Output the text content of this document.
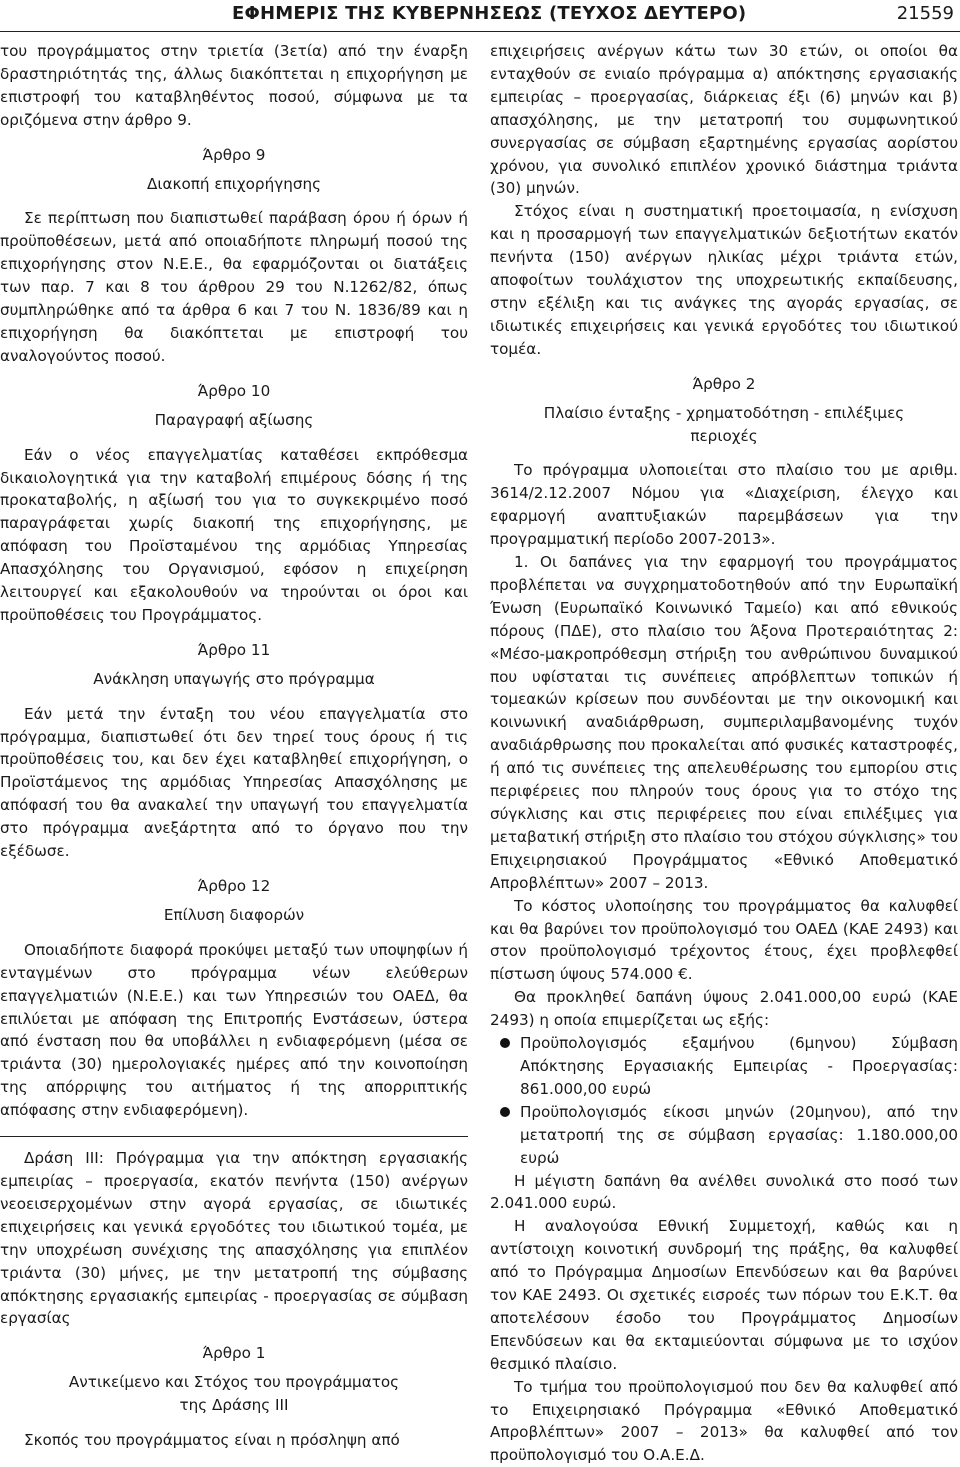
ΕΦΗΜΕΡΙΣ ΤΗΣ ΚΥΒΕΡΝΗΣΕΩΣ (ΤΕΥΧΟΣ ΔΕΥΤΕΡΟ)	21559

του προγράμματος στην τριετία (3ετία) από την έναρξη δραστηριότητάς της, άλλως διακόπτεται η επιχορήγηση με επιστροφή του καταβληθέντος ποσού, σύμφωνα με τα οριζόμενα στην άρθρο 9.

Άρθρο 9

Διακοπή επιχορήγησης

Σε περίπτωση που διαπιστωθεί παράβαση όρου ή όρων ή προϋποθέσεων, μετά από οποιαδήποτε πληρωμή ποσού της επιχορήγησης στον Ν.Ε.Ε., θα εφαρμόζονται οι διατάξεις των παρ. 7 και 8 του άρθρου 29 του Ν.1262/82, όπως συμπληρώθηκε από τα άρθρα 6 και 7 του Ν. 1836/89 και η επιχορήγηση θα διακόπτεται με επιστροφή του αναλογούντος ποσού.

Άρθρο 10

Παραγραφή αξίωσης

Εάν ο νέος επαγγελματίας καταθέσει εκπρόθεσμα δικαιολογητικά για την καταβολή επιμέρους δόσης ή της προκαταβολής, η αξίωσή του για το συγκεκριμένο ποσό παραγράφεται χωρίς διακοπή της επιχορήγησης, με απόφαση του Προϊσταμένου της αρμόδιας Υπηρεσίας Απασχόλησης του Οργανισμού, εφόσον η επιχείρηση λειτουργεί και εξακολουθούν να τηρούνται οι όροι και προϋποθέσεις του Προγράμματος.

Άρθρο 11

Ανάκληση υπαγωγής στο πρόγραμμα

Εάν μετά την ένταξη του νέου επαγγελματία στο πρόγραμμα, διαπιστωθεί ότι δεν τηρεί τους όρους ή τις προϋποθέσεις του, και δεν έχει καταβληθεί επιχορήγηση, ο Προϊστάμενος της αρμόδιας Υπηρεσίας Απασχόλησης με απόφασή του θα ανακαλεί την υπαγωγή του επαγγελματία στο πρόγραμμα ανεξάρτητα από το όργανο που την εξέδωσε.

Άρθρο 12

Επίλυση διαφορών

Οποιαδήποτε διαφορά προκύψει μεταξύ των υποψηφίων ή ενταγμένων στο πρόγραμμα νέων ελεύθερων επαγγελματιών (Ν.Ε.Ε.) και των Υπηρεσιών του ΟΑΕΔ, θα επιλύεται με απόφαση της Επιτροπής Ενστάσεων, ύστερα από ένσταση που θα υποβάλλει η ενδιαφερόμενη (μέσα σε τριάντα (30) ημερολογιακές ημέρες από την κοινοποίηση της απόρριψης του αιτήματος ή της απορριπτικής απόφασης στην ενδιαφερόμενη).

Δράση ΙΙΙ: Πρόγραμμα για την απόκτηση εργασιακής εμπειρίας – προεργασία, εκατόν πενήντα (150) ανέργων νεοεισερχομένων στην αγορά εργασίας, σε ιδιωτικές επιχειρήσεις και γενικά εργοδότες του ιδιωτικού τομέα, με την υποχρέωση συνέχισης της απασχόλησης για επιπλέον τριάντα (30) μήνες, με την μετατροπή της σύμβασης απόκτησης εργασιακής εμπειρίας - προεργασίας σε σύμβαση εργασίας

Άρθρο 1

Αντικείμενο και Στόχος του προγράμματος

της Δράσης ΙΙΙ

Σκοπός του προγράμματος είναι η πρόσληψη από

επιχειρήσεις ανέργων κάτω των 30 ετών, οι οποίοι θα ενταχθούν σε ενιαίο πρόγραμμα α) απόκτησης εργασιακής εμπειρίας – προεργασίας, διάρκειας έξι (6) μηνών και β) απασχόλησης, με την μετατροπή του συμφωνητικού συνεργασίας σε σύμβαση εξαρτημένης εργασίας αορίστου χρόνου, για συνολικό επιπλέον χρονικό διάστημα τριάντα (30) μηνών.

Στόχος είναι η συστηματική προετοιμασία, η ενίσχυση και η προσαρμογή των επαγγελματικών δεξιοτήτων εκατόν πενήντα (150) ανέργων ηλικίας μέχρι τριάντα ετών, αποφοίτων τουλάχιστον της υποχρεωτικής εκπαίδευσης, στην εξέλιξη και τις ανάγκες της αγοράς εργασίας, σε ιδιωτικές επιχειρήσεις και γενικά εργοδότες του ιδιωτικού τομέα.

Άρθρο 2

Πλαίσιο ένταξης - χρηματοδότηση - επιλέξιμες περιοχές

Το πρόγραμμα υλοποιείται στο πλαίσιο του με αριθμ. 3614/2.12.2007 Νόμου για «Διαχείριση, έλεγχο και εφαρμογή αναπτυξιακών παρεμβάσεων για την προγραμματική περίοδο 2007-2013».

1. Οι δαπάνες για την εφαρμογή του προγράμματος προβλέπεται να συγχρηματοδοτηθούν από την Ευρωπαϊκή Ένωση (Ευρωπαϊκό Κοινωνικό Ταμείο) και από εθνικούς πόρους (ΠΔΕ), στο πλαίσιο του Άξονα Προτεραιότητας 2: «Μέσο-μακροπρόθεσμη στήριξη του ανθρώπινου δυναμικού που υφίσταται τις συνέπειες απρόβλεπτων τοπικών ή τομεακών κρίσεων που συνδέονται με την οικονομική και κοινωνική αναδιάρθρωση, συμπεριλαμβανομένης τυχόν αναδιάρθρωσης που προκαλείται από φυσικές καταστροφές, ή από τις συνέπειες της απελευθέρωσης του εμπορίου στις περιφέρειες που πληρούν τους όρους για το στόχο της σύγκλισης και στις περιφέρειες που είναι επιλέξιμες για μεταβατική στήριξη στο πλαίσιο του στόχου σύγκλισης» του Επιχειρησιακού Προγράμματος «Εθνικό Αποθεματικό Απροβλέπτων» 2007 – 2013.

Το κόστος υλοποίησης του προγράμματος θα καλυφθεί και θα βαρύνει τον προϋπολογισμό του ΟΑΕΔ (ΚΑΕ 2493) και στον προϋπολογισμό τρέχοντος έτους, έχει προβλεφθεί πίστωση ύψους 574.000 €.

Θα προκληθεί δαπάνη ύψους 2.041.000,00 ευρώ (ΚΑΕ 2493) η οποία επιμερίζεται ως εξής:

Προϋπολογισμός εξαμήνου (6μηνου) Σύμβαση Απόκτησης Εργασιακής Εμπειρίας - Προεργασίας: 861.000,00 ευρώ
Προϋπολογισμός είκοσι μηνών (20μηνου), από την μετατροπή της σε σύμβαση εργασίας: 1.180.000,00 ευρώ

Η μέγιστη δαπάνη θα ανέλθει συνολικά στο ποσό των 2.041.000 ευρώ.

Η αναλογούσα Εθνική Συμμετοχή, καθώς και η αντίστοιχη κοινοτική συνδρομή της πράξης, θα καλυφθεί από το Πρόγραμμα Δημοσίων Επενδύσεων και θα βαρύνει τον ΚΑΕ 2493. Οι σχετικές εισροές των πόρων του Ε.Κ.Τ. θα αποτελέσουν έσοδο του Προγράμματος Δημοσίων Επενδύσεων και θα εκταμιεύονται σύμφωνα με το ισχύον θεσμικό πλαίσιο.

Το τμήμα του προϋπολογισμού που δεν θα καλυφθεί από το Επιχειρησιακό Πρόγραμμα «Εθνικό Αποθεματικό Απροβλέπτων» 2007 – 2013» θα καλυφθεί από τον προϋπολογισμό του Ο.Α.Ε.Δ.
